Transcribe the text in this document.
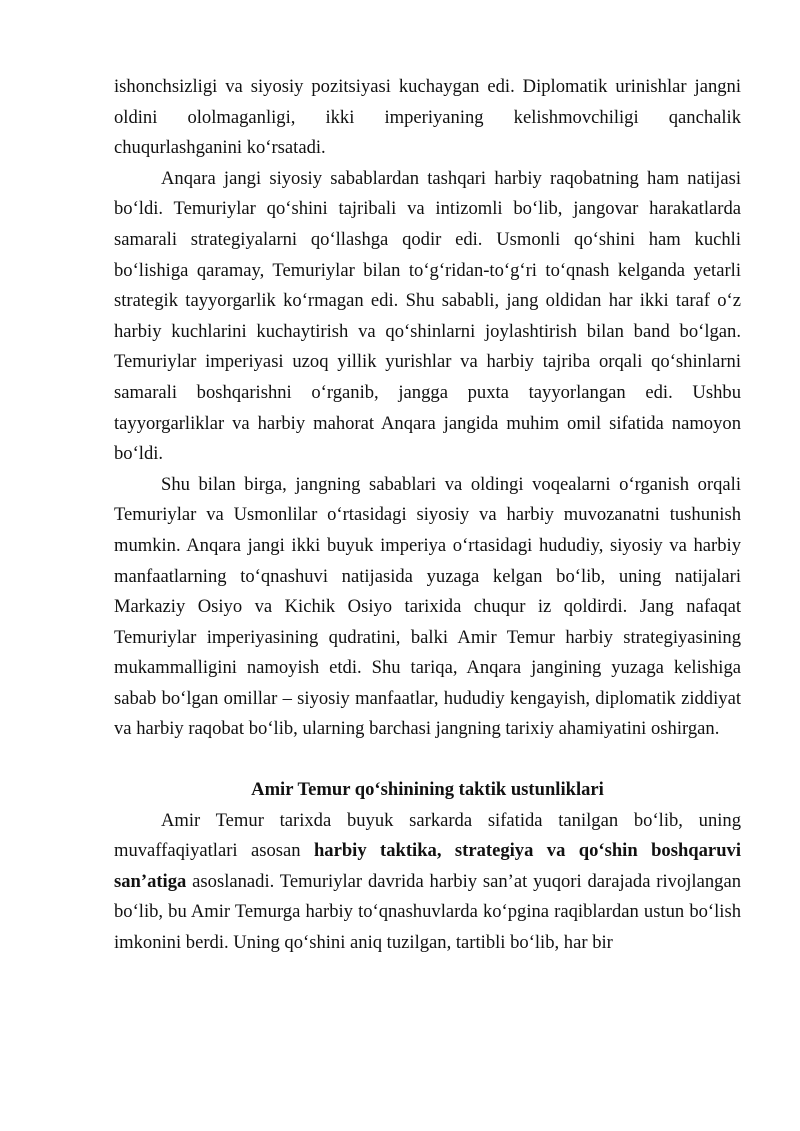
ishonchsizligi va siyosiy pozitsiyasi kuchaygan edi. Diplomatik urinishlar jangni oldini ololmaganligi, ikki imperiyaning kelishmovchiligi qanchalik chuqurlashganini ko‘rsatadi.

Anqara jangi siyosiy sabablardan tashqari harbiy raqobatning ham natijasi bo‘ldi. Temuriylar qo‘shini tajribali va intizomli bo‘lib, jangovar harakatlarda samarali strategiyalarni qo‘llashga qodir edi. Usmonli qo‘shini ham kuchli bo‘lishiga qaramay, Temuriylar bilan to‘g‘ridan-to‘g‘ri to‘qnash kelganda yetarli strategik tayyorgarlik ko‘rmagan edi. Shu sababli, jang oldidan har ikki taraf o‘z harbiy kuchlarini kuchaytirish va qo‘shinlarni joylashtirish bilan band bo‘lgan. Temuriylar imperiyasi uzoq yillik yurishlar va harbiy tajriba orqali qo‘shinlarni samarali boshqarishni o‘rganib, jangga puxta tayyorlangan edi. Ushbu tayyorgarliklar va harbiy mahorat Anqara jangida muhim omil sifatida namoyon bo‘ldi.

Shu bilan birga, jangning sabablari va oldingi voqealarni o‘rganish orqali Temuriylar va Usmonlilar o‘rtasidagi siyosiy va harbiy muvozanatni tushunish mumkin. Anqara jangi ikki buyuk imperiya o‘rtasidagi hududiy, siyosiy va harbiy manfaatlarning to‘qnashuvi natijasida yuzaga kelgan bo‘lib, uning natijalari Markaziy Osiyo va Kichik Osiyo tarixida chuqur iz qoldirdi. Jang nafaqat Temuriylar imperiyasining qudratini, balki Amir Temur harbiy strategiyasining mukammalligini namoyish etdi. Shu tariqa, Anqara jangining yuzaga kelishiga sabab bo‘lgan omillar – siyosiy manfaatlar, hududiy kengayish, diplomatik ziddiyat va harbiy raqobat bo‘lib, ularning barchasi jangning tarixiy ahamiyatini oshirgan.

Amir Temur qo‘shinining taktik ustunliklari

Amir Temur tarixda buyuk sarkarda sifatida tanilgan bo‘lib, uning muvaffaqiyatlari asosan harbiy taktika, strategiya va qo‘shin boshqaruvi san’atiga asoslanadi. Temuriylar davrida harbiy san’at yuqori darajada rivojlangan bo‘lib, bu Amir Temurga harbiy to‘qnashuvlarda ko‘pgina raqiblardan ustun bo‘lish imkonini berdi. Uning qo‘shini aniq tuzilgan, tartibli bo‘lib, har bir
